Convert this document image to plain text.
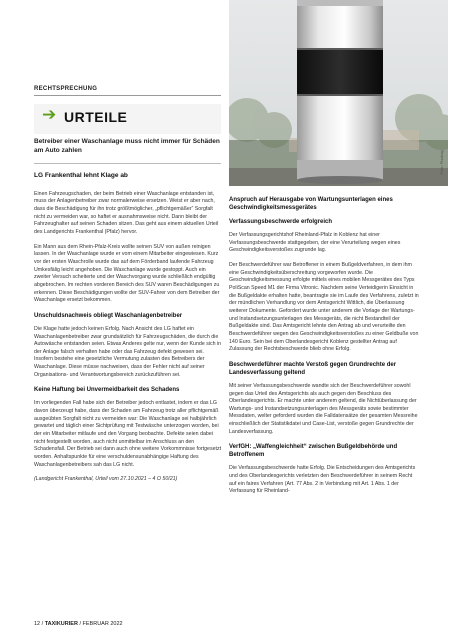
RECHTSPRECHUNG
➔ URTEILE
Betreiber einer Waschanlage muss nicht immer für Schäden am Auto zahlen	Foto: Pixabay
LG Frankenthal lehnt Klage ab

Einen Fahrzeugschaden, der beim Betrieb einer Waschanlage entstanden ist, muss der Anlagenbetreiber zwar normalerweise ersetzen. Weist er aber nach, dass die Beschädigung für ihn trotz größtmöglicher, „pflichtgemäßer“ Sorgfalt nicht zu vermeiden war, so haftet er ausnahmsweise nicht. Dann bleibt der Fahrzeughalter auf seinen Schaden sitzen. Das geht aus einem aktuellen Urteil des Landgerichts Frankenthal (Pfalz) hervor.

Ein Mann aus dem Rhein-Pfalz-Kreis wollte seinen SUV von außen reinigen lassen. In der Waschanlage wurde er vom einem Mitarbeiter eingewiesen. Kurz vor der ersten Waschrolle wurde das auf dem Förderband laufende Fahrzeug Umkesfälig leicht angehoben. Die Waschanlage wurde gestoppt. Auch ein zweiter Versuch scheiterte und der Waschvorgang wurde schließlich endgültig abgebrochen. Im rechten vorderen Bereich des SUV waren Beschädigungen zu erkennen. Diese Beschädigungen wollte der SUV-Fahrer von dem Betreiber der Waschanlage ersetzt bekommen.

Unschuldsnachweis obliegt Waschanlagenbetreiber

Die Klage hatte jedoch keinen Erfolg. Nach Ansicht des LG haftet ein Waschanlagenbetreiber zwar grundsätzlich für Fahrzeugschäden, die durch die Autowäsche entstanden seien. Etwas Anderes gelte nur, wenn der Kunde sich in der Anlage falsch verhalten habe oder das Fahrzeug defekt gewesen sei. Insofern bestehe eine gesetzliche Vermutung zulasten des Betreibers der Waschanlage. Diese müsse nachweisen, dass der Fehler nicht auf seiner Organisations- und Verantwortungsbereich zurückzuführen sei.

Keine Haftung bei Unvermeidbarkeit des Schadens

Im vorliegenden Fall habe sich der Betreiber jedoch entlastet, indem er das LG davon überzeugt habe, dass der Schaden am Fahrzeug trotz aller pflichtgemäß ausgeübten Sorgfalt nicht zu vermeiden war: Die Waschanlage sei halbjährlich gewartet und täglich einer Sichtprüfung mit Testwäsche unterzogen worden, bei der ein Mitarbeiter mitlaufe und den Vorgang beobachte. Defekte seien dabei nicht festgestellt worden, auch nicht unmittelbar im Anschluss an den Schadensfall. Der Betrieb sei dann auch ohne weitere Vorkommnisse fortgesetzt worden. Anhaltspunkte für eine verschuldensunabhängige Haftung des Waschanlagenbetreibers sah das LG nicht.

(Landgericht Frankenthal, Urteil vom 27.10.2021 – 4 O 50/21)

Anspruch auf Herausgabe von Wartungsunterlagen eines Geschwindigkeitsmessgerätes
Verfassungsbeschwerde erfolgreich

Der Verfassungsgerichtshof Rheinland-Pfalz in Koblenz hat einer Verfassungsbeschwerde stattgegeben, der eine Verurteilung wegen eines Geschwindigkeitsverstoßes zugrunde lag.

Der Beschwerdeführer war Betroffener in einem Bußgeldverfahren, in dem ihm eine Geschwindigkeitsüberschreitung vorgeworfen wurde. Die Geschwindigkeitsmessung erfolgte mittels eines mobilen Messgerätes des Typs PoliScan Speed M1 der Firma Vitronic. Nachdem seine Verteidigerin Einsicht in die Bußgeldakte erhalten hatte, beantragte sie im Laufe des Verfahrens, zuletzt in der mündlichen Verhandlung vor dem Amtsgericht Wittlich, die Überlassung weiterer Dokumente. Gefordert wurde unter anderem die Vorlage der Wartungs- und Instandsetzungsunterlagen des Messgeräts, die nicht Bestandteil der Bußgeldakte sind. Das Amtsgericht lehnte den Antrag ab und verurteilte den Beschwerdeführer wegen des Geschwindigkeitsverstoßes zu einer Geldbuße von 140 Euro. Sein bei dem Oberlandesgericht Koblenz gestellter Antrag auf Zulassung der Rechtsbeschwerde blieb ohne Erfolg.

Beschwerdeführer machte Verstoß gegen Grundrechte der Landesverfassung geltend

Mit seiner Verfassungsbeschwerde wandte sich der Beschwerdeführer sowohl gegen das Urteil des Amtsgerichts als auch gegen den Beschluss des Oberlandesgerichts. Er machte unter anderem geltend, die Nichtüberlassung der Wartungs- und Instandsetzungsunterlagen des Messgeräts sowie bestimmter Messdaten, welter geforderd wurden die Falldatensätze der gesamten Messreihe einschließlich der Statistikdatei und Case-List, verstoße gegen Grundrechte der Landesverfassung.

VerfGH: „Waffengleichheit“ zwischen Bußgeldbehörde und Betroffenem

Die Verfassungsbeschwerde hatte Erfolg. Die Entscheidungen des Amtsgerichts und des Oberlandesgerichts verletzten den Beschwerdeführer in seinem Recht auf ein faires Verfahren (Art. 77 Abs. 2 in Verbindung mit Art. 1 Abs. 1 der Verfassung für Rheinland-

12 / TAXIKURIER / FEBRUAR 2022
